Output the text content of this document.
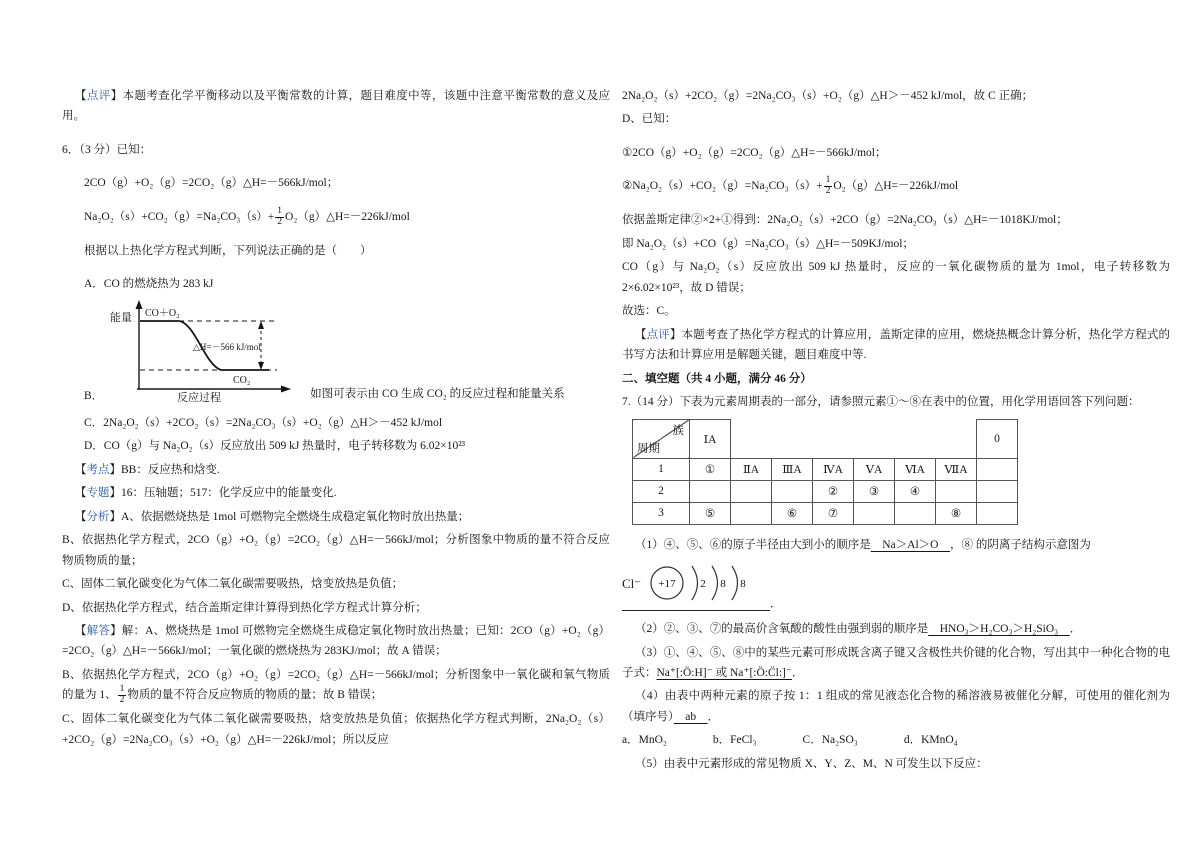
【点评】本题考查化学平衡移动以及平衡常数的计算，题目难度中等，该题中注意平衡常数的意义及应用。
6．（3 分）已知：
2CO（g）+O₂（g）=2CO₂（g）△H=－566kJ/mol；
$Na_2O_2(s)+CO_2(g)=Na_2CO_3(s)+ \frac{1}{2}$ O₂（g）△H=－226kJ/mol
根据以上热化学方程式判断，下列说法正确的是（　　）
A．CO 的燃烧热为 283 kJ
B．
能量
反应过程
△H=－566 kJ/mol
CO＋O₂
CO₂
如图可表示由 CO 生成 CO₂ 的反应过程和能量关系
C．2Na₂O₂（s）+2CO₂（s）=2Na₂CO₃（s）+O₂（g）△H＞－452 kJ/mol
D．CO（g）与 Na₂O₂（s）反应放出 509 kJ 热量时，电子转移数为 6.02×10²³
【考点】BB：反应热和焓变.
【专题】16：压轴题；517：化学反应中的能量变化.
【分析】A、依据燃烧热是 1mol 可燃物完全燃烧生成稳定氧化物时放出热量；
B、依据热化学方程式，2CO（g）+O₂（g）=2CO₂（g）△H=－566kJ/mol；分析图象中物质的量不符合反应物质物质的量；
C、固体二氧化碳变化为气体二氧化碳需要吸热，焓变放热是负值；
D、依据热化学方程式，结合盖斯定律计算得到热化学方程式计算分析；
【解答】解：A、燃烧热是 1mol 可燃物完全燃烧生成稳定氧化物时放出热量；已知：2CO（g）+O₂（g）=2CO₂（g）△H=－566kJ/mol；一氧化碳的燃烧热为 283KJ/mol；故 A 错误；
B、依据热化学方程式，2CO（g）+O₂（g）=2CO₂（g）△H=－566kJ/mol；分析图象中一氧化碳和氧气物质的量为 1、 $\frac{1}{2}$ 物质的量不符合反应物质的物质的量；故 B 错误；
C、固体二氧化碳变化为气体二氧化碳需要吸热，焓变放热是负值；依据热化学方程式判断，2Na₂O₂（s）+2CO₂（g）=2Na₂CO₃（s）+O₂（g）△H=－226kJ/mol；所以反应
2Na₂O₂（s）+2CO₂（g）=2Na₂CO₃（s）+O₂（g）△H＞－452 kJ/mol，故 C 正确；
D、已知：
①2CO（g）+O₂（g）=2CO₂（g）△H=－566kJ/mol；
②Na₂O₂（s）+CO₂（g）=Na₂CO₃（s）+ $\frac{1}{2}$ O₂（g）△H=－226kJ/mol
依据盖斯定律②×2+①得到：2Na₂O₂（s）+2CO（g）=2Na₂CO₃（s）△H=－1018KJ/mol；
即 Na₂O₂（s）+CO（g）=Na₂CO₃（s）△H=－509KJ/mol；
CO（g）与 Na₂O₂（s）反应放出 509 kJ 热量时，反应的一氧化碳物质的量为 1mol，电子转移数为 2×6.02×10²³，故 D 错误；
故选：C。
【点评】本题考查了热化学方程式的计算应用，盖斯定律的应用，燃烧热概念计算分析，热化学方程式的书写方法和计算应用是解题关键，题目难度中等.
二、填空题（共 4 小题，满分 46 分）
7.（14 分）下表为元素周期表的一部分，请参照元素①～⑧在表中的位置，用化学用语回答下列问题：
族
周期	ⅠA							0
1	①	ⅡA	ⅢA	ⅣA	ⅤA	ⅥA	ⅦA	
2				②	③	④		
3	⑤		⑥	⑦			⑧	
（1）④、⑤、⑥的原子半径由大到小的顺序是　Na＞Al＞O　，⑧ 的阴离子结构示意图为
Cl⁻ +17 2 8 8
．
（2）②、③、⑦的最高价含氧酸的酸性由强到弱的顺序是　HNO₃＞H₂CO₃＞H₂SiO₃　．
（3）①、④、⑤、⑧中的某些元素可形成既含离子键又含极性共价键的化合物，写出其中一种化合物的电子式：Na⁺[:Ö:H]⁻ 或 Na⁺[:Ö:C̈l:]⁻．
（4）由表中两种元素的原子按 1：1 组成的常见液态化合物的稀溶液易被催化分解，可使用的催化剂为（填序号）　ab　．
a．MnO₂　　　　b．FeCl₃　　　　C．Na₂SO₃　　　　d．KMnO₄
（5）由表中元素形成的常见物质 X、Y、Z、M、N 可发生以下反应：
